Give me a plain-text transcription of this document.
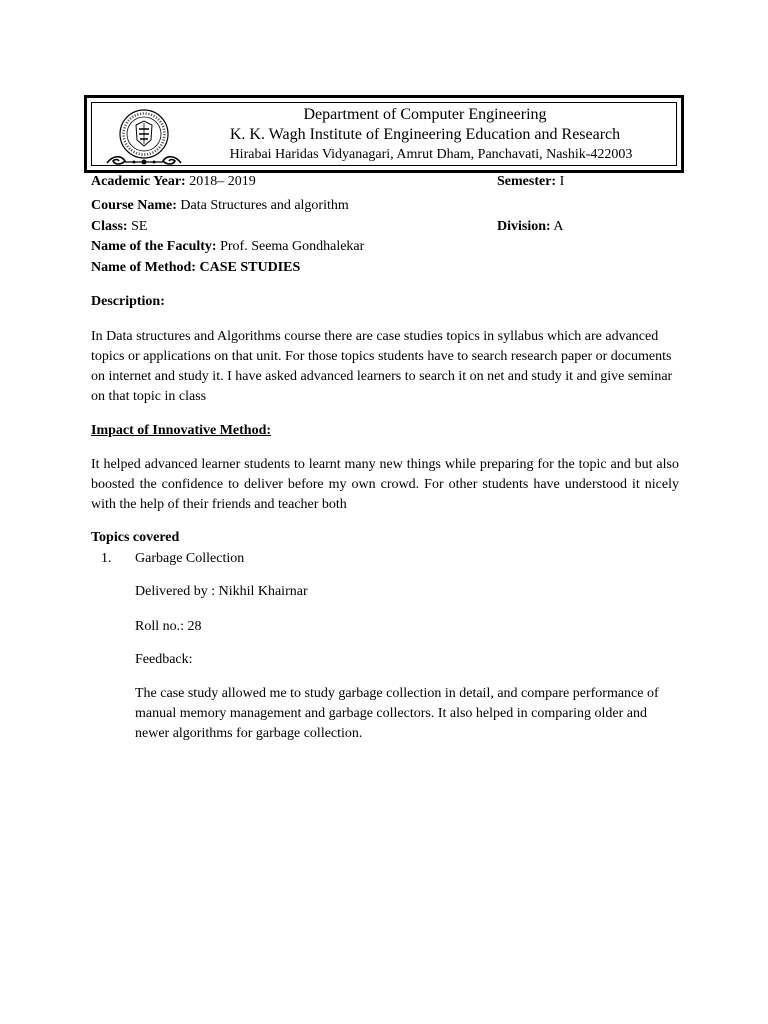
Department of Computer Engineering
K. K. Wagh Institute of Engineering Education and Research
Hirabai Haridas Vidyanagari, Amrut Dham, Panchavati, Nashik-422003
Academic Year: 2018– 2019	Semester: I
Course Name: Data Structures and algorithm
Class: SE	Division: A
Name of the Faculty: Prof. Seema Gondhalekar
Name of Method: CASE STUDIES
Description:
In Data structures and Algorithms course there are case studies topics in syllabus which are advanced topics or applications on that unit. For those topics students have to search research paper or documents on internet and study it. I have asked advanced learners to search it on net and study it and give seminar on that topic in class
Impact of Innovative Method:
It helped advanced learner students to learnt many new things while preparing for the topic and but also boosted the confidence to deliver before my own crowd. For other students have understood it nicely with the help of their friends and teacher both
Topics covered
1. Garbage Collection
Delivered by : Nikhil Khairnar
Roll no.: 28
Feedback:
The case study allowed me to study garbage collection in detail, and compare performance of manual memory management and garbage collectors. It also helped in comparing older and newer algorithms for garbage collection.
